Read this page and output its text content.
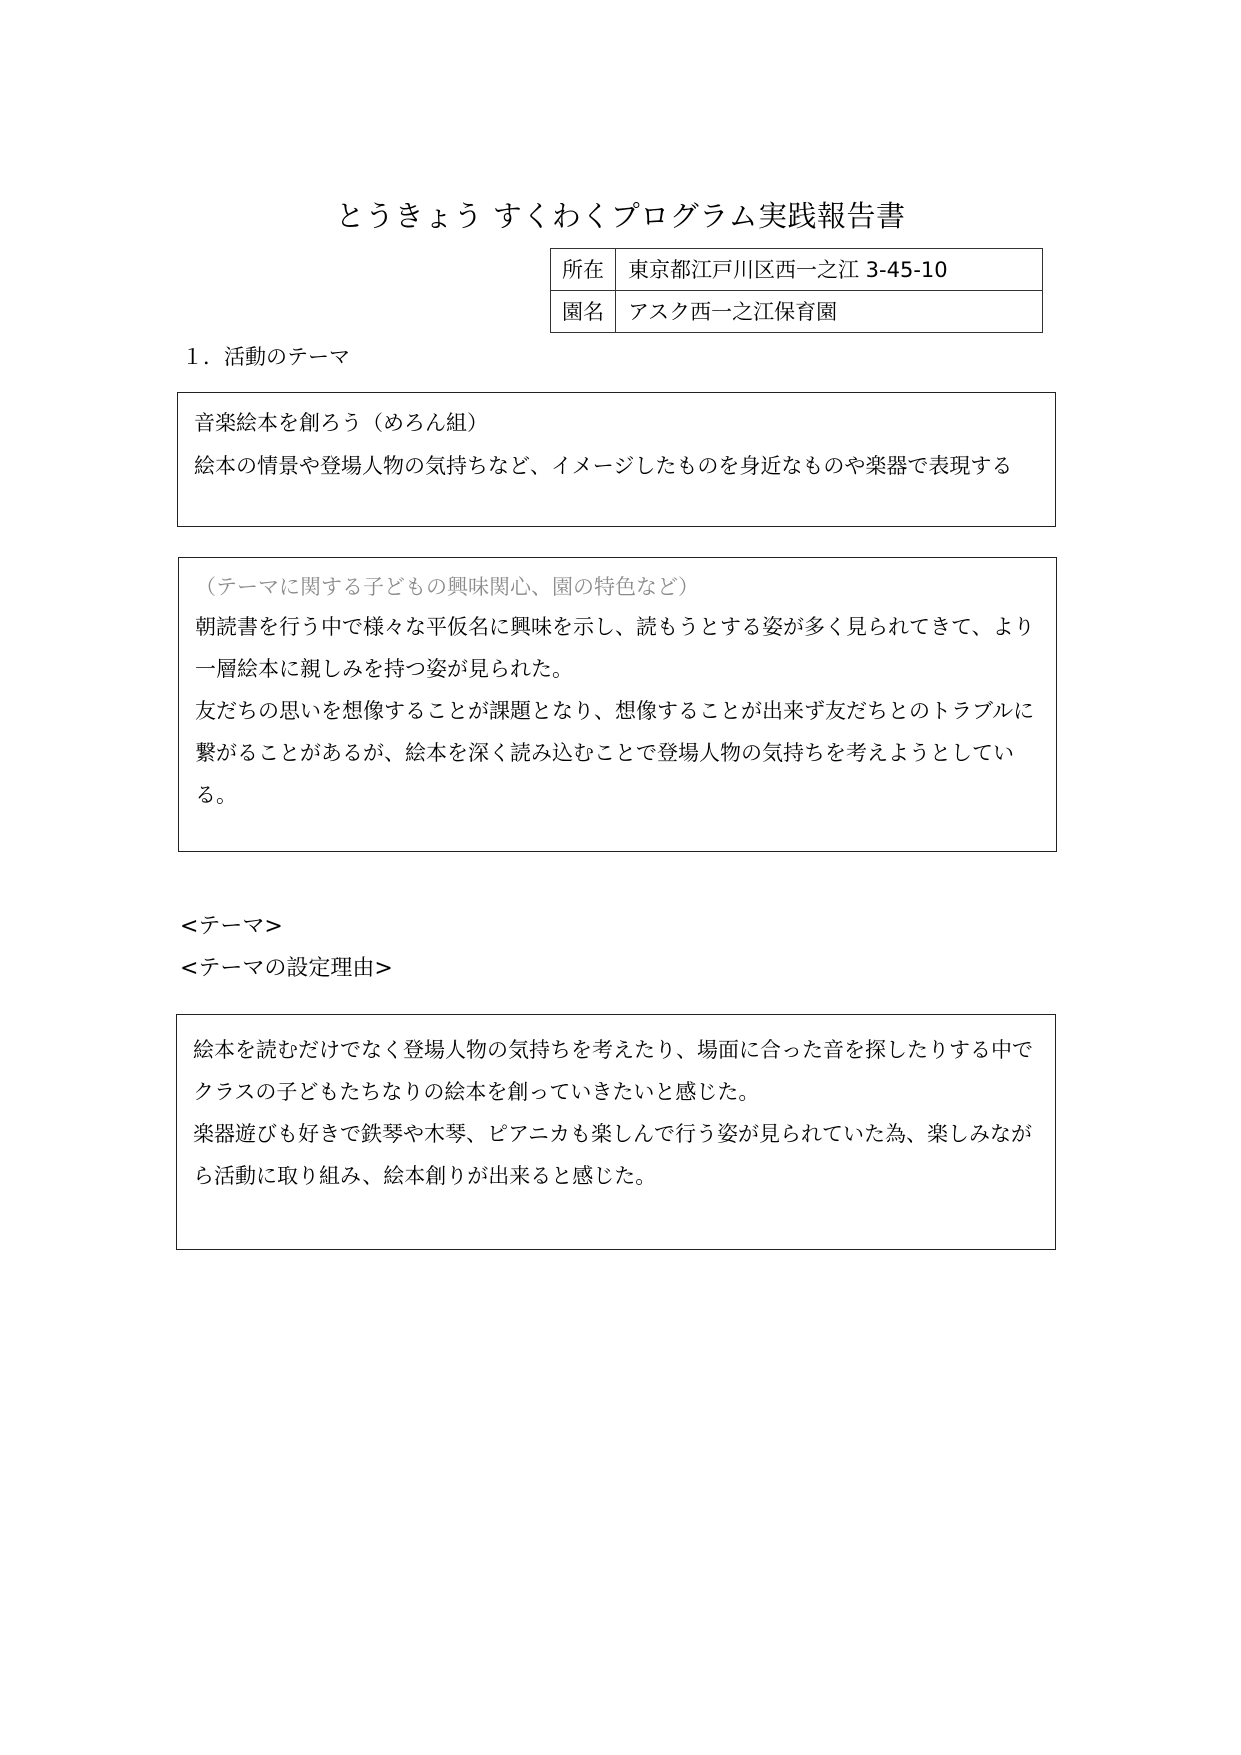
とうきょう すくわくプログラム実践報告書
所在	東京都江戸川区西一之江 3-45-10
園名	アスク西一之江保育園
１．活動のテーマ
音楽絵本を創ろう（めろん組）
絵本の情景や登場人物の気持ちなど、イメージしたものを身近なものや楽器で表現する
（テーマに関する子どもの興味関心、園の特色など）
朝読書を行う中で様々な平仮名に興味を示し、読もうとする姿が多く見られてきて、より一層絵本に親しみを持つ姿が見られた。
友だちの思いを想像することが課題となり、想像することが出来ず友だちとのトラブルに繋がることがあるが、絵本を深く読み込むことで登場人物の気持ちを考えようとしている。
<テーマ>
<テーマの設定理由>
絵本を読むだけでなく登場人物の気持ちを考えたり、場面に合った音を探したりする中でクラスの子どもたちなりの絵本を創っていきたいと感じた。
楽器遊びも好きで鉄琴や木琴、ピアニカも楽しんで行う姿が見られていた為、楽しみながら活動に取り組み、絵本創りが出来ると感じた。
